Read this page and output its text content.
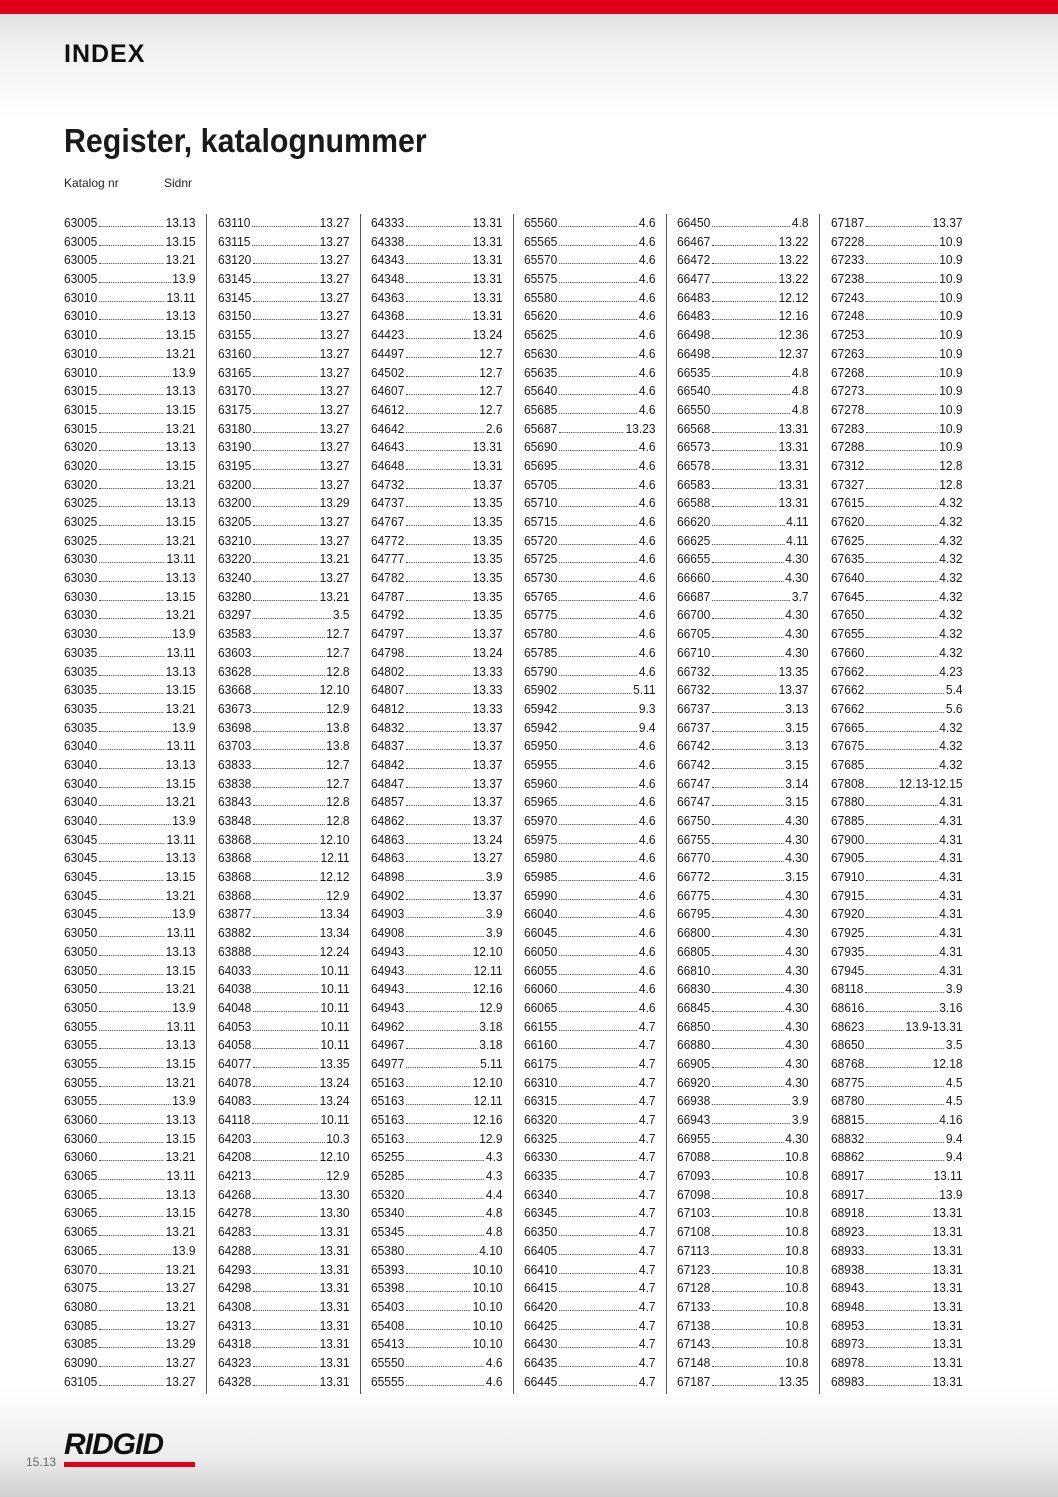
INDEX
Register, katalognummer
Katalog nr	Sidnr
63005	13.13
63005	13.15
63005	13.21
63005	13.9
63010	13.11
63010	13.13
63010	13.15
63010	13.21
63010	13.9
63015	13.13
63015	13.15
63015	13.21
63020	13.13
63020	13.15
63020	13.21
63025	13.13
63025	13.15
63025	13.21
63030	13.11
63030	13.13
63030	13.15
63030	13.21
63030	13.9
63035	13.11
63035	13.13
63035	13.15
63035	13.21
63035	13.9
63040	13.11
63040	13.13
63040	13.15
63040	13.21
63040	13.9
63045	13.11
63045	13.13
63045	13.15
63045	13.21
63045	13.9
63050	13.11
63050	13.13
63050	13.15
63050	13.21
63050	13.9
63055	13.11
63055	13.13
63055	13.15
63055	13.21
63055	13.9
63060	13.13
63060	13.15
63060	13.21
63065	13.11
63065	13.13
63065	13.15
63065	13.21
63065	13.9
63070	13.21
63075	13.27
63080	13.21
63085	13.27
63085	13.29
63090	13.27
63105	13.27
63110	13.27
63115	13.27
63120	13.27
63145	13.27
63145	13.27
63150	13.27
63155	13.27
63160	13.27
63165	13.27
63170	13.27
63175	13.27
63180	13.27
63190	13.27
63195	13.27
63200	13.27
63200	13.29
63205	13.27
63210	13.27
63220	13.21
63240	13.27
63280	13.21
63297	3.5
63583	12.7
63603	12.7
63628	12.8
63668	12.10
63673	12.9
63698	13.8
63703	13.8
63833	12.7
63838	12.7
63843	12.8
63848	12.8
63868	12.10
63868	12.11
63868	12.12
63868	12.9
63877	13.34
63882	13.34
63888	12.24
64033	10.11
64038	10.11
64048	10.11
64053	10.11
64058	10.11
64077	13.35
64078	13.24
64083	13.24
64118	10.11
64203	10.3
64208	12.10
64213	12.9
64268	13.30
64278	13.30
64283	13.31
64288	13.31
64293	13.31
64298	13.31
64308	13.31
64313	13.31
64318	13.31
64323	13.31
64328	13.31
64333	13.31
64338	13.31
64343	13.31
64348	13.31
64363	13.31
64368	13.31
64423	13.24
64497	12.7
64502	12.7
64607	12.7
64612	12.7
64642	2.6
64643	13.31
64648	13.31
64732	13.37
64737	13.35
64767	13.35
64772	13.35
64777	13.35
64782	13.35
64787	13.35
64792	13.35
64797	13.37
64798	13.24
64802	13.33
64807	13.33
64812	13.33
64832	13.37
64837	13.37
64842	13.37
64847	13.37
64857	13.37
64862	13.37
64863	13.24
64863	13.27
64898	3.9
64902	13.37
64903	3.9
64908	3.9
64943	12.10
64943	12.11
64943	12.16
64943	12.9
64962	3.18
64967	3.18
64977	5.11
65163	12.10
65163	12.11
65163	12.16
65163	12.9
65255	4.3
65285	4.3
65320	4.4
65340	4.8
65345	4.8
65380	4.10
65393	10.10
65398	10.10
65403	10.10
65408	10.10
65413	10.10
65550	4.6
65555	4.6
65560	4.6
65565	4.6
65570	4.6
65575	4.6
65580	4.6
65620	4.6
65625	4.6
65630	4.6
65635	4.6
65640	4.6
65685	4.6
65687	13.23
65690	4.6
65695	4.6
65705	4.6
65710	4.6
65715	4.6
65720	4.6
65725	4.6
65730	4.6
65765	4.6
65775	4.6
65780	4.6
65785	4.6
65790	4.6
65902	5.11
65942	9.3
65942	9.4
65950	4.6
65955	4.6
65960	4.6
65965	4.6
65970	4.6
65975	4.6
65980	4.6
65985	4.6
65990	4.6
66040	4.6
66045	4.6
66050	4.6
66055	4.6
66060	4.6
66065	4.6
66155	4.7
66160	4.7
66175	4.7
66310	4.7
66315	4.7
66320	4.7
66325	4.7
66330	4.7
66335	4.7
66340	4.7
66345	4.7
66350	4.7
66405	4.7
66410	4.7
66415	4.7
66420	4.7
66425	4.7
66430	4.7
66435	4.7
66445	4.7
66450	4.8
66467	13.22
66472	13.22
66477	13.22
66483	12.12
66483	12.16
66498	12.36
66498	12.37
66535	4.8
66540	4.8
66550	4.8
66568	13.31
66573	13.31
66578	13.31
66583	13.31
66588	13.31
66620	4.11
66625	4.11
66655	4.30
66660	4.30
66687	3.7
66700	4.30
66705	4.30
66710	4.30
66732	13.35
66732	13.37
66737	3.13
66737	3.15
66742	3.13
66742	3.15
66747	3.14
66747	3.15
66750	4.30
66755	4.30
66770	4.30
66772	3.15
66775	4.30
66795	4.30
66800	4.30
66805	4.30
66810	4.30
66830	4.30
66845	4.30
66850	4.30
66880	4.30
66905	4.30
66920	4.30
66938	3.9
66943	3.9
66955	4.30
67088	10.8
67093	10.8
67098	10.8
67103	10.8
67108	10.8
67113	10.8
67123	10.8
67128	10.8
67133	10.8
67138	10.8
67143	10.8
67148	10.8
67187	13.35
67187	13.37
67228	10.9
67233	10.9
67238	10.9
67243	10.9
67248	10.9
67253	10.9
67263	10.9
67268	10.9
67273	10.9
67278	10.9
67283	10.9
67288	10.9
67312	12.8
67327	12.8
67615	4.32
67620	4.32
67625	4.32
67635	4.32
67640	4.32
67645	4.32
67650	4.32
67655	4.32
67660	4.32
67662	4.23
67662	5.4
67662	5.6
67665	4.32
67675	4.32
67685	4.32
67808	12.13-12.15
67880	4.31
67885	4.31
67900	4.31
67905	4.31
67910	4.31
67915	4.31
67920	4.31
67925	4.31
67935	4.31
67945	4.31
68118	3.9
68616	3.16
68623	13.9-13.31
68650	3.5
68768	12.18
68775	4.5
68780	4.5
68815	4.16
68832	9.4
68862	9.4
68917	13.11
68917	13.9
68918	13.31
68923	13.31
68933	13.31
68938	13.31
68943	13.31
68948	13.31
68953	13.31
68973	13.31
68978	13.31
68983	13.31
15.13
RIDGID
